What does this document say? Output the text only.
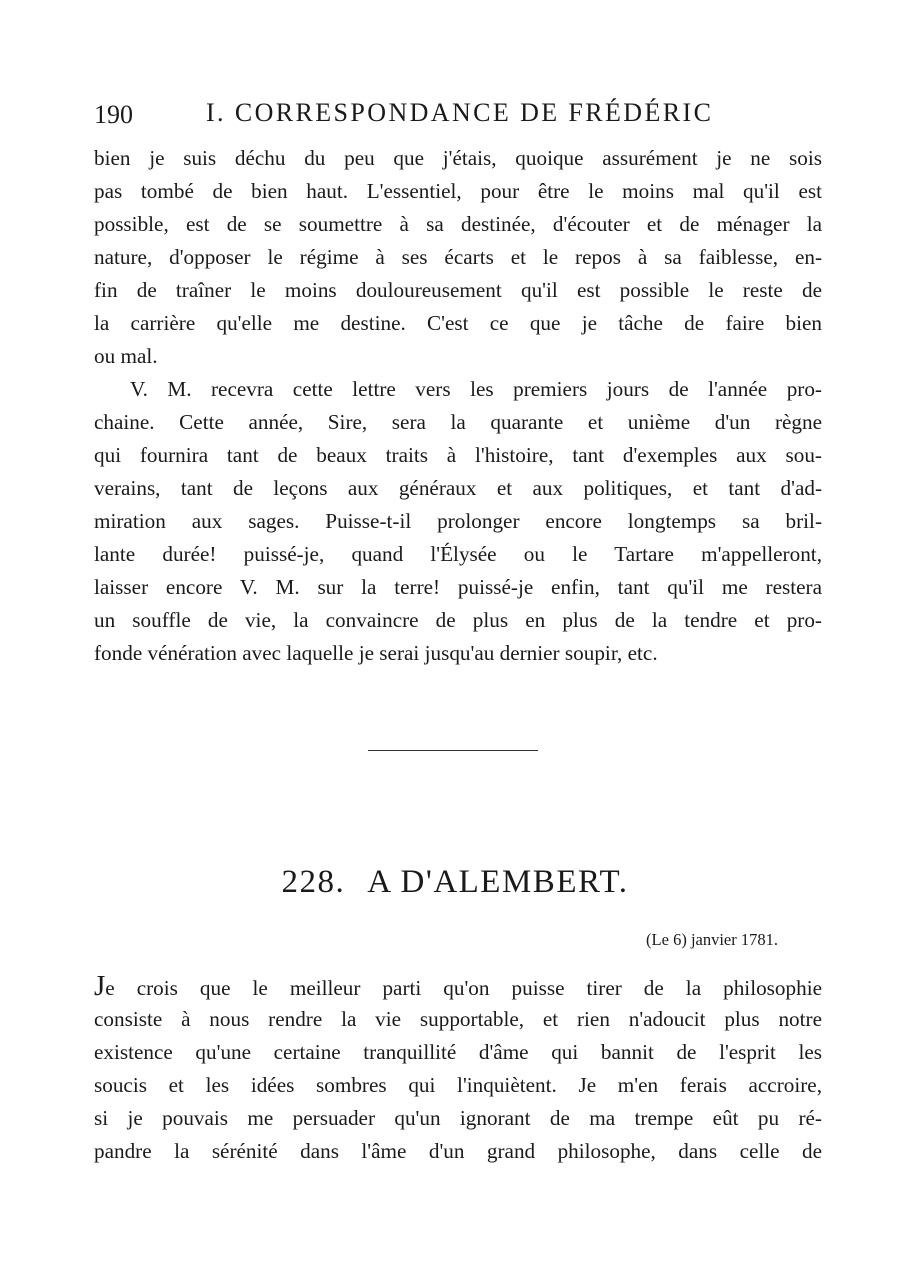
190	I. CORRESPONDANCE DE FRÉDÉRIC
bien je suis déchu du peu que j'étais, quoique assurément je ne sois
pas tombé de bien haut. L'essentiel, pour être le moins mal qu'il est
possible, est de se soumettre à sa destinée, d'écouter et de ménager la
nature, d'opposer le régime à ses écarts et le repos à sa faiblesse, en-
fin de traîner le moins douloureusement qu'il est possible le reste de
la carrière qu'elle me destine. C'est ce que je tâche de faire bien
ou mal.
V. M. recevra cette lettre vers les premiers jours de l'année pro-
chaine. Cette année, Sire, sera la quarante et unième d'un règne
qui fournira tant de beaux traits à l'histoire, tant d'exemples aux sou-
verains, tant de leçons aux généraux et aux politiques, et tant d'ad-
miration aux sages. Puisse-t-il prolonger encore longtemps sa bril-
lante durée! puissé-je, quand l'Élysée ou le Tartare m'appelleront,
laisser encore V. M. sur la terre! puissé-je enfin, tant qu'il me restera
un souffle de vie, la convaincre de plus en plus de la tendre et pro-
fonde vénération avec laquelle je serai jusqu'au dernier soupir, etc.
228. A D'ALEMBERT.
(Le 6) janvier 1781.
Je crois que le meilleur parti qu'on puisse tirer de la philosophie
consiste à nous rendre la vie supportable, et rien n'adoucit plus notre
existence qu'une certaine tranquillité d'âme qui bannit de l'esprit les
soucis et les idées sombres qui l'inquiètent. Je m'en ferais accroire,
si je pouvais me persuader qu'un ignorant de ma trempe eût pu ré-
pandre la sérénité dans l'âme d'un grand philosophe, dans celle de
